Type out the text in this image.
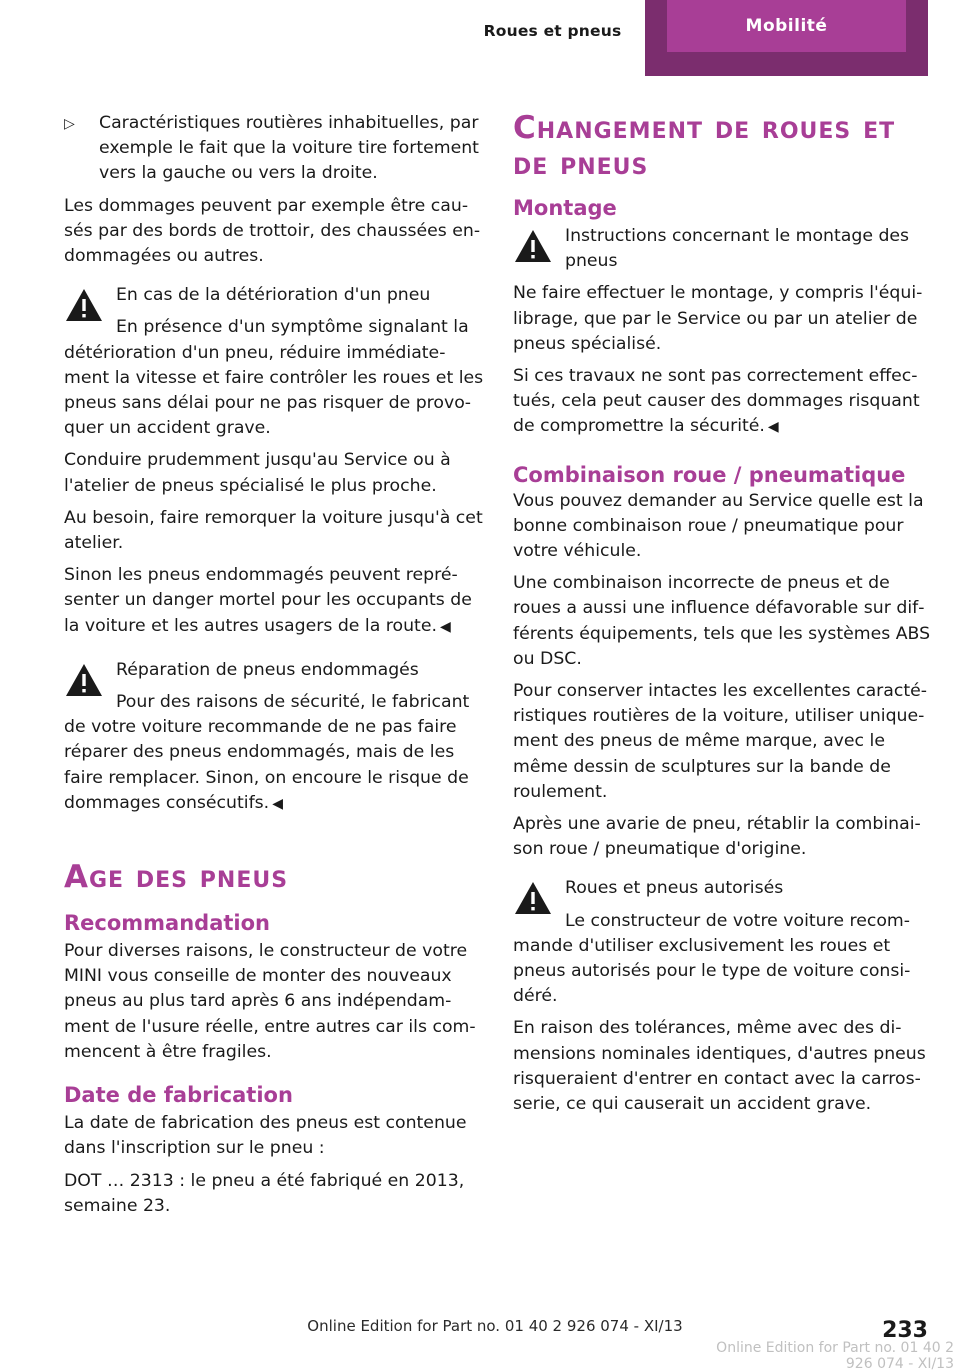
Roues et pneus	Mobilité
▷ Caractéristiques routières inhabituelles, par exemple le fait que la voiture tire fortement vers la gauche ou vers la droite.

Les dommages peuvent par exemple être cau‐sés par des bords de trottoir, des chaussées en‐dommagées ou autres.

En cas de la détérioration d'un pneu
En présence d'un symptôme signalant la détérioration d'un pneu, réduire immédiate‐ment la vitesse et faire contrôler les roues et les pneus sans délai pour ne pas risquer de provo‐quer un accident grave.

Conduire prudemment jusqu'au Service ou à l'atelier de pneus spécialisé le plus proche.

Au besoin, faire remorquer la voiture jusqu'à cet atelier.

Sinon les pneus endommagés peuvent repré‐senter un danger mortel pour les occupants de la voiture et les autres usagers de la route. ◀

Réparation de pneus endommagés
Pour des raisons de sécurité, le fabricant de votre voiture recommande de ne pas faire réparer des pneus endommagés, mais de les faire remplacer. Sinon, on encoure le risque de dommages consécutifs. ◀
Age des pneus
Recommandation

Pour diverses raisons, le constructeur de votre MINI vous conseille de monter des nouveaux pneus au plus tard après 6 ans indépendam‐ment de l'usure réelle, entre autres car ils com‐mencent à être fragiles.

Date de fabrication

La date de fabrication des pneus est contenue dans l'inscription sur le pneu :

DOT … 2313 : le pneu a été fabriqué en 2013, semaine 23.

Changement de roues et de pneus
Montage
Instructions concernant le montage des pneus

Ne faire effectuer le montage, y compris l'équi‐librage, que par le Service ou par un atelier de pneus spécialisé.

Si ces travaux ne sont pas correctement effec‐tués, cela peut causer des dommages risquant de compromettre la sécurité. ◀

Combinaison roue / pneumatique

Vous pouvez demander au Service quelle est la bonne combinaison roue / pneumatique pour votre véhicule.

Une combinaison incorrecte de pneus et de roues a aussi une influence défavorable sur dif‐férents équipements, tels que les systèmes ABS ou DSC.

Pour conserver intactes les excellentes caracté‐ristiques routières de la voiture, utiliser unique‐ment des pneus de même marque, avec le même dessin de sculptures sur la bande de roulement.

Après une avarie de pneu, rétablir la combinai‐son roue / pneumatique d'origine.

Roues et pneus autorisés
Le constructeur de votre voiture recom‐mande d'utiliser exclusivement les roues et pneus autorisés pour le type de voiture consi‐déré.

En raison des tolérances, même avec des di‐mensions nominales identiques, d'autres pneus risqueraient d'entrer en contact avec la carros‐serie, ce qui causerait un accident grave.

Online Edition for Part no. 01 40 2 926 074 - XI/13	233
Online Edition for Part no. 01 40 2 926 074 - XI/13
